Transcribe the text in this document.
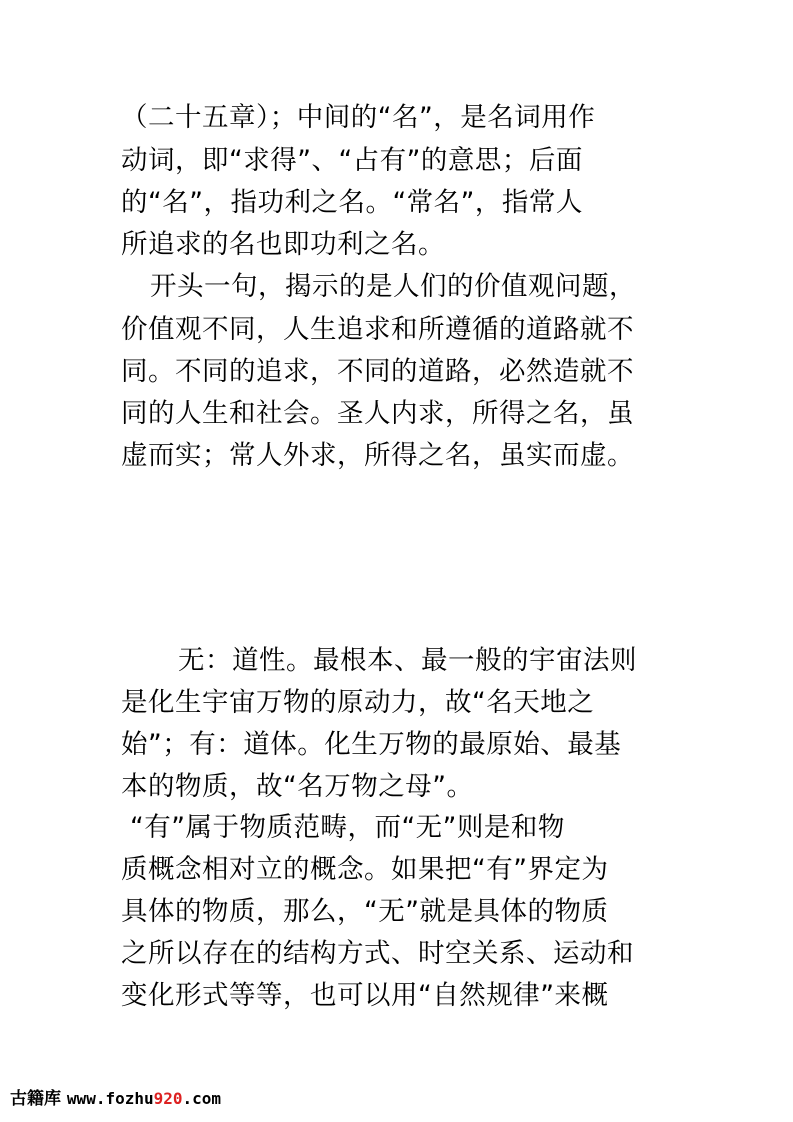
（二十五章）；中间的“名”，是名词用作
动词，即“求得”、“占有”的意思；后面
的“名”，指功利之名。“常名”，指常人
所追求的名也即功利之名。
开头一句，揭示的是人们的价值观问题，
价值观不同，人生追求和所遵循的道路就不
同。不同的追求，不同的道路，必然造就不
同的人生和社会。圣人内求，所得之名，虽
虚而实；常人外求，所得之名，虽实而虚。
无：道性。最根本、最一般的宇宙法则
是化生宇宙万物的原动力，故“名天地之
始”；有：道体。化生万物的最原始、最基
本的物质，故“名万物之母”。
“有”属于物质范畴，而“无”则是和物
质概念相对立的概念。如果把“有”界定为
具体的物质，那么，“无”就是具体的物质
之所以存在的结构方式、时空关系、运动和
变化形式等等，也可以用“自然规律”来概
古籍库 www.fozhu920.com
